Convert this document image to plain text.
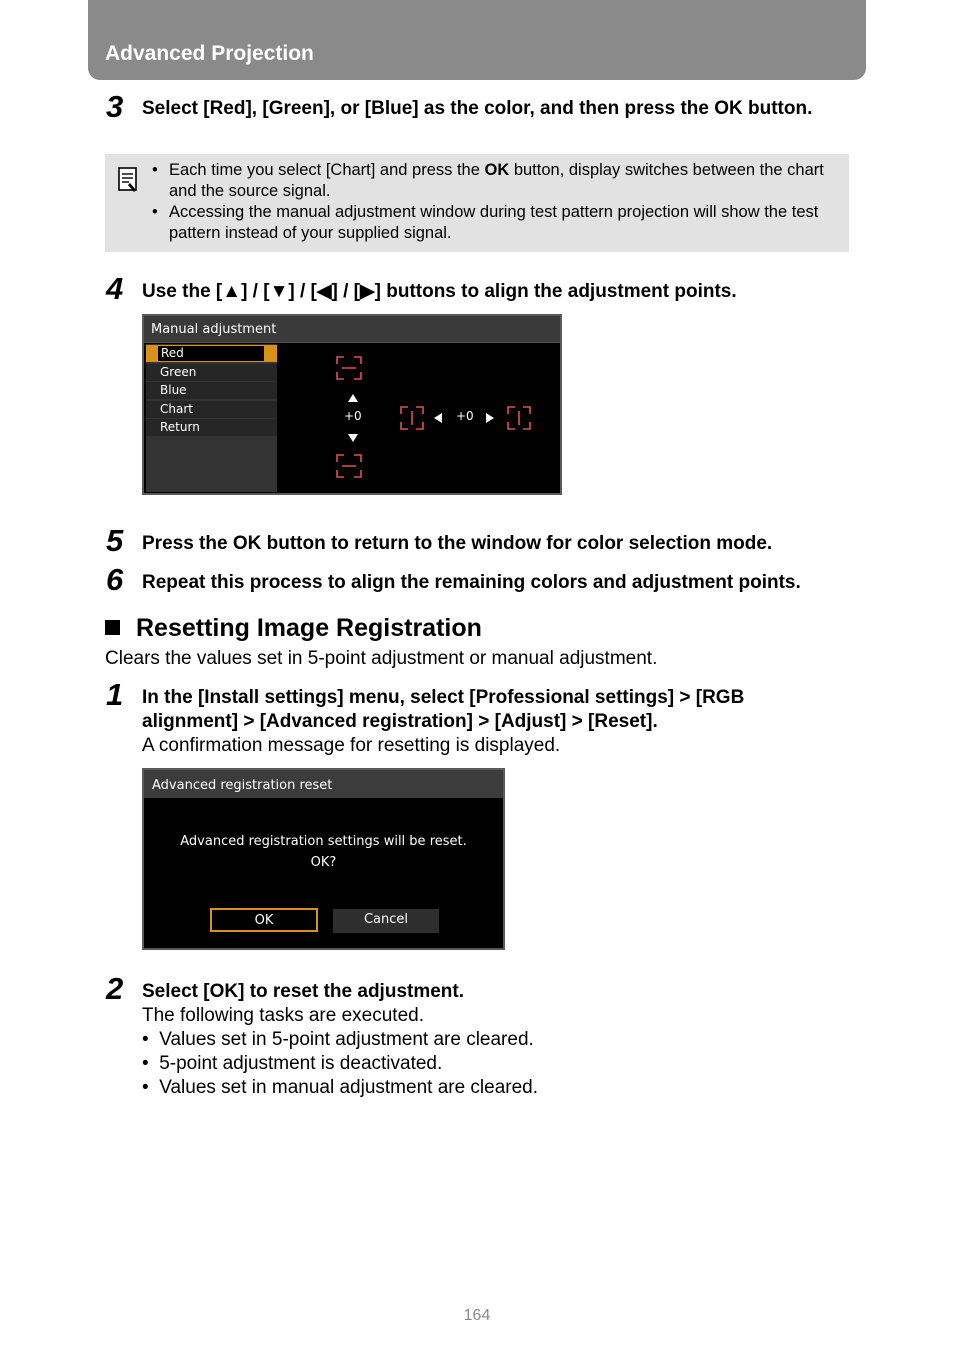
Advanced Projection
3 Select [Red], [Green], or [Blue] as the color, and then press the OK button.
• Each time you select [Chart] and press the OK button, display switches between the chart and the source signal.
• Accessing the manual adjustment window during test pattern projection will show the test pattern instead of your supplied signal.
4 Use the [▲] / [▼] / [◀] / [▶] buttons to align the adjustment points.
Manual adjustment
Red
Green
Blue
Chart
Return
+0	+0
5 Press the OK button to return to the window for color selection mode.
6 Repeat this process to align the remaining colors and adjustment points.
Resetting Image Registration
Clears the values set in 5-point adjustment or manual adjustment.
1 In the [Install settings] menu, select [Professional settings] > [RGB
alignment] > [Advanced registration] > [Adjust] > [Reset].
A confirmation message for resetting is displayed.
Advanced registration reset
Advanced registration settings will be reset.
OK?
OK	Cancel
2 Select [OK] to reset the adjustment.
The following tasks are executed.
•  Values set in 5-point adjustment are cleared.
•  5-point adjustment is deactivated.
•  Values set in manual adjustment are cleared.
164
